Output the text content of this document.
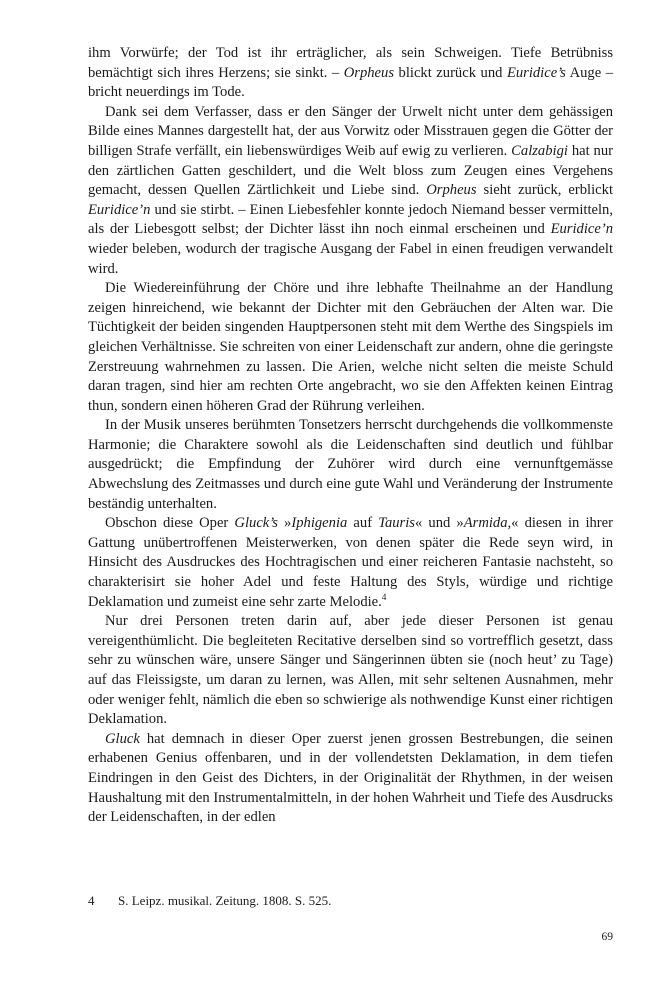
ihm Vorwürfe; der Tod ist ihr erträglicher, als sein Schweigen. Tiefe Betrübniss bemächtigt sich ihres Herzens; sie sinkt. – Orpheus blickt zurück und Euridice’s Auge – bricht neuerdings im Tode.

Dank sei dem Verfasser, dass er den Sänger der Urwelt nicht unter dem gehässigen Bilde eines Mannes dargestellt hat, der aus Vorwitz oder Misstrauen gegen die Götter der billigen Strafe verfällt, ein liebenswürdiges Weib auf ewig zu verlieren. Calzabigi hat nur den zärtlichen Gatten geschildert, und die Welt bloss zum Zeugen eines Vergehens gemacht, dessen Quellen Zärtlichkeit und Liebe sind. Orpheus sieht zurück, erblickt Euridice’n und sie stirbt. – Einen Liebesfehler konnte jedoch Niemand besser vermitteln, als der Liebesgott selbst; der Dichter lässt ihn noch einmal erscheinen und Euridice’n wieder beleben, wodurch der tragische Ausgang der Fabel in einen freudigen verwandelt wird.

Die Wiedereinführung der Chöre und ihre lebhafte Theilnahme an der Handlung zeigen hinreichend, wie bekannt der Dichter mit den Gebräuchen der Alten war. Die Tüchtigkeit der beiden singenden Hauptpersonen steht mit dem Werthe des Singspiels im gleichen Verhältnisse. Sie schreiten von einer Leidenschaft zur andern, ohne die geringste Zerstreuung wahrnehmen zu lassen. Die Arien, welche nicht selten die meiste Schuld daran tragen, sind hier am rechten Orte angebracht, wo sie den Affekten keinen Eintrag thun, sondern einen höheren Grad der Rührung verleihen.

In der Musik unseres berühmten Tonsetzers herrscht durchgehends die vollkommenste Harmonie; die Charaktere sowohl als die Leidenschaften sind deutlich und fühlbar ausgedrückt; die Empfindung der Zuhörer wird durch eine vernunftgemässe Abwechslung des Zeitmasses und durch eine gute Wahl und Veränderung der Instrumente beständig unterhalten.

Obschon diese Oper Gluck’s »Iphigenia auf Tauris« und »Armida,« diesen in ihrer Gattung unübertroffenen Meisterwerken, von denen später die Rede seyn wird, in Hinsicht des Ausdruckes des Hochtragischen und einer reicheren Fantasie nachsteht, so charakterisirt sie hoher Adel und feste Haltung des Styls, würdige und richtige Deklamation und zumeist eine sehr zarte Melodie.$^4$

Nur drei Personen treten darin auf, aber jede dieser Personen ist genau vereigenthümlicht. Die begleiteten Recitative derselben sind so vortrefflich gesetzt, dass sehr zu wünschen wäre, unsere Sänger und Sängerinnen übten sie (noch heut’ zu Tage) auf das Fleissigste, um daran zu lernen, was Allen, mit sehr seltenen Ausnahmen, mehr oder weniger fehlt, nämlich die eben so schwierige als nothwendige Kunst einer richtigen Deklamation.

Gluck hat demnach in dieser Oper zuerst jenen grossen Bestrebungen, die seinen erhabenen Genius offenbaren, und in der vollendetsten Deklamation, in dem tiefen Eindringen in den Geist des Dichters, in der Originalität der Rhythmen, in der weisen Haushaltung mit den Instrumentalmitteln, in der hohen Wahrheit und Tiefe des Ausdrucks der Leidenschaften, in der edlen

4 S. Leipz. musikal. Zeitung. 1808. S. 525.
69
